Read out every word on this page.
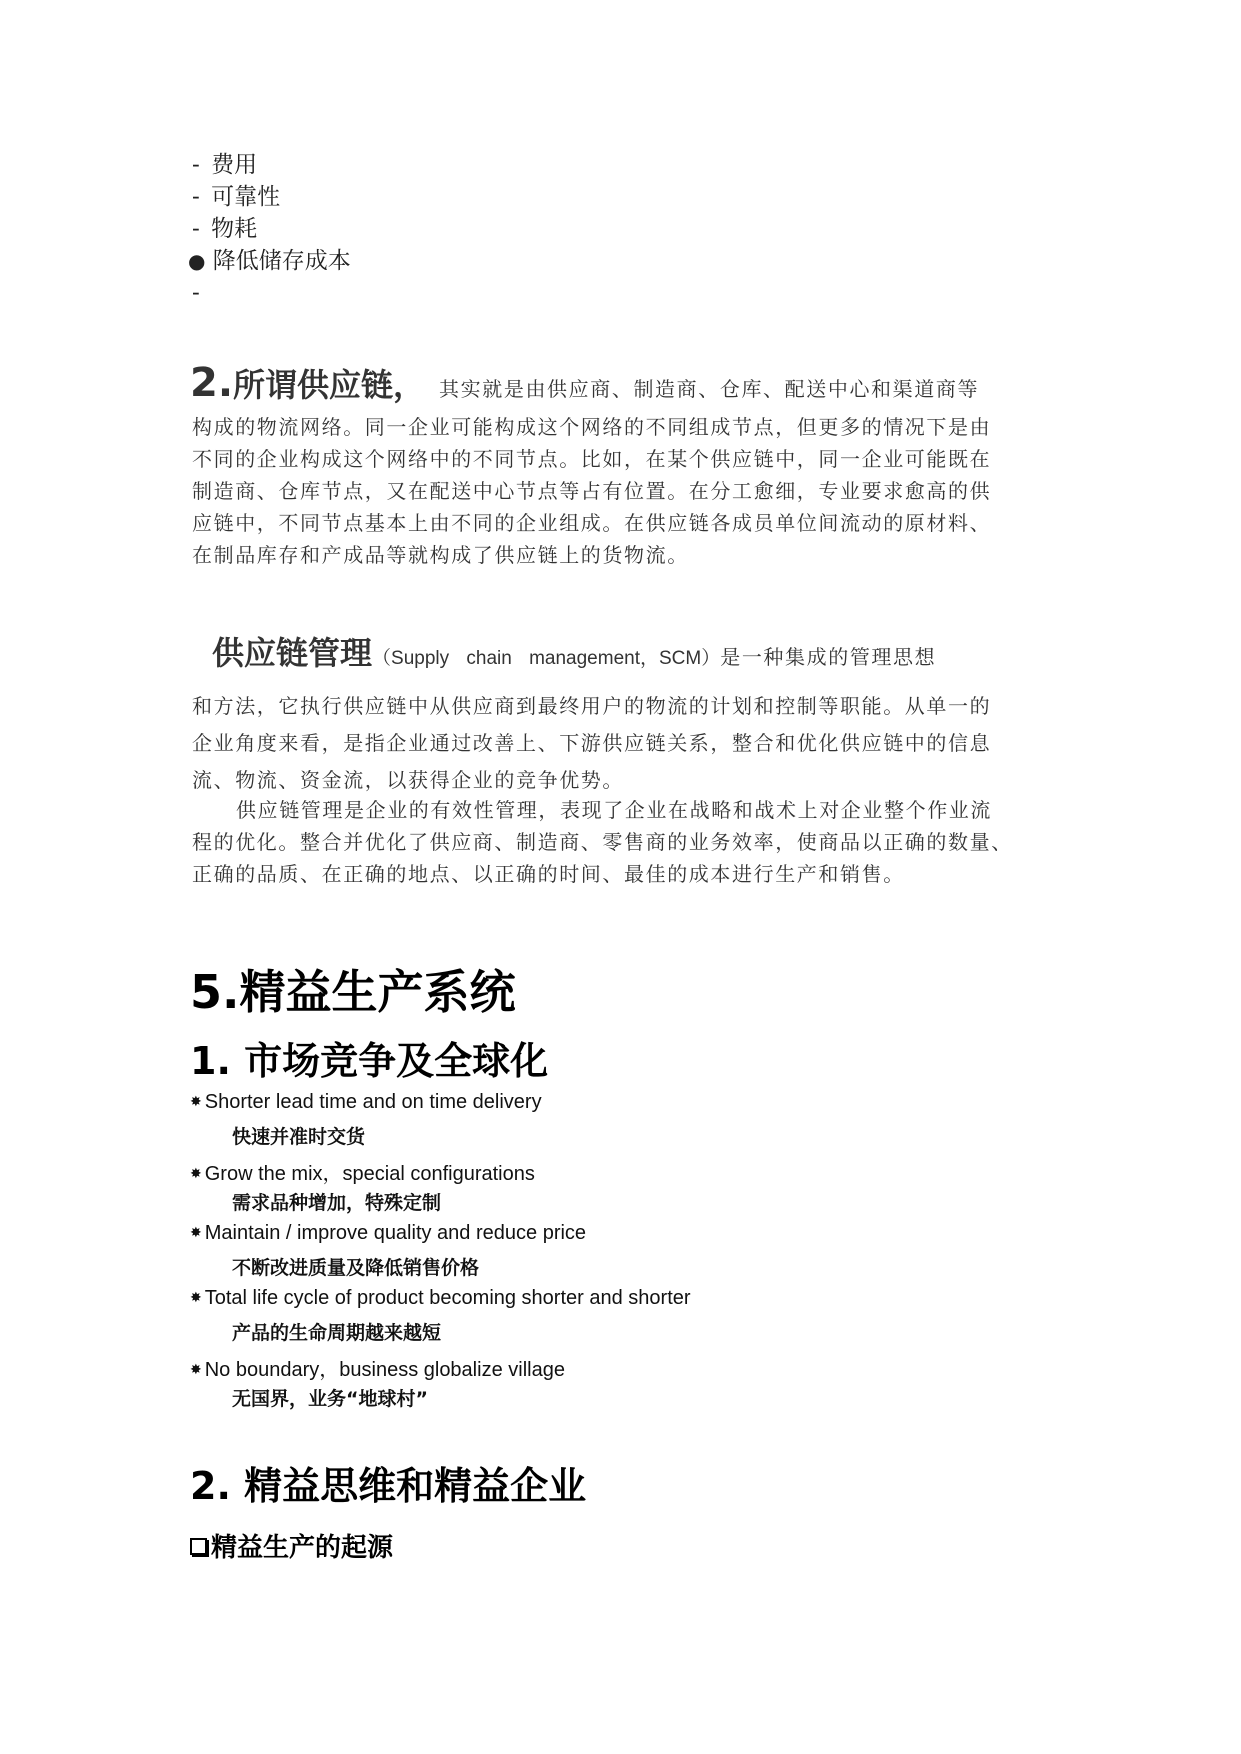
- 费用
- 可靠性
- 物耗
● 降低储存成本
-
2.所谓供应链， 其实就是由供应商、制造商、仓库、配送中心和渠道商等
构成的物流网络。同一企业可能构成这个网络的不同组成节点，但更多的情况下是由
不同的企业构成这个网络中的不同节点。比如，在某个供应链中，同一企业可能既在
制造商、仓库节点，又在配送中心节点等占有位置。在分工愈细，专业要求愈高的供
应链中，不同节点基本上由不同的企业组成。在供应链各成员单位间流动的原材料、
在制品库存和产成品等就构成了供应链上的货物流。
供应链管理（Supply chain management，SCM）是一种集成的管理思想
和方法，它执行供应链中从供应商到最终用户的物流的计划和控制等职能。从单一的
企业角度来看，是指企业通过改善上、下游供应链关系，整合和优化供应链中的信息
流、物流、资金流，以获得企业的竞争优势。
供应链管理是企业的有效性管理，表现了企业在战略和战术上对企业整个作业流
程的优化。整合并优化了供应商、制造商、零售商的业务效率，使商品以正确的数量、
正确的品质、在正确的地点、以正确的时间、最佳的成本进行生产和销售。
5.精益生产系统
1. 市场竞争及全球化
✸ Shorter lead time and on time delivery
快速并准时交货
✸ Grow the mix，special configurations
需求品种增加，特殊定制
✸ Maintain / improve quality and reduce price
不断改进质量及降低销售价格
✸ Total life cycle of product becoming shorter and shorter
产品的生命周期越来越短
✸ No boundary，business globalize village
无国界，业务“地球村”
2. 精益思维和精益企业
精益生产的起源
